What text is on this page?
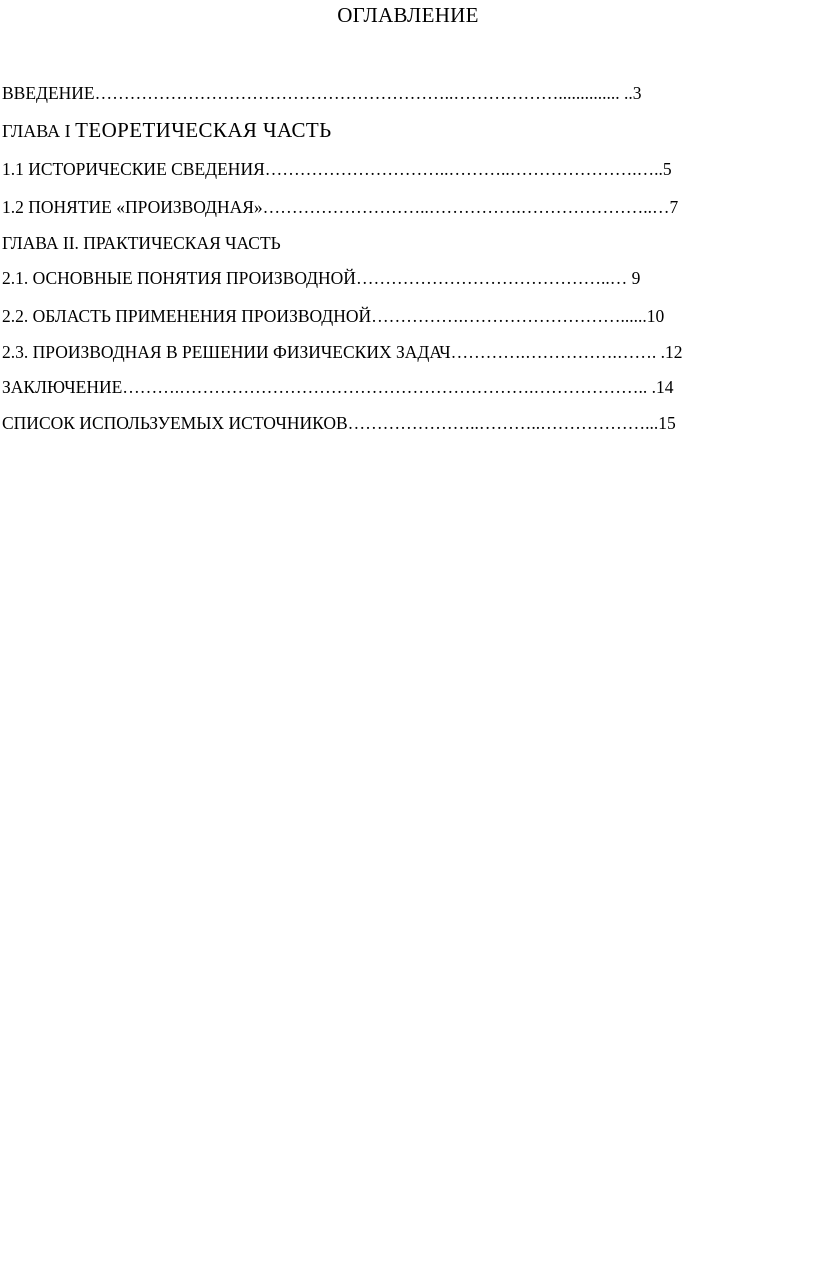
ОГЛАВЛЕНИЕ
ВВЕДЕНИЕ……………………………………………………..……………….............. ..3
ГЛАВА I ТЕОРЕТИЧЕСКАЯ ЧАСТЬ
1.1 ИСТОРИЧЕСКИЕ СВЕДЕНИЯ…………………………..………..………………….…..5
1.2 ПОНЯТИЕ «ПРОИЗВОДНАЯ»………………………..…………….…………………..…7
ГЛАВА II. ПРАКТИЧЕСКАЯ ЧАСТЬ
2.1. ОСНОВНЫЕ ПОНЯТИЯ ПРОИЗВОДНОЙ……………………………………..… 9
2.2. ОБЛАСТЬ ПРИМЕНЕНИЯ ПРОИЗВОДНОЙ…………….………………………......10
2.3. ПРОИЗВОДНАЯ В РЕШЕНИИ ФИЗИЧЕСКИХ ЗАДАЧ………….…………….……. .12
ЗАКЛЮЧЕНИЕ……….…………………………………………………….……………….. .14
СПИСОК ИСПОЛЬЗУЕМЫХ ИСТОЧНИКОВ…………………..………..………………...15
